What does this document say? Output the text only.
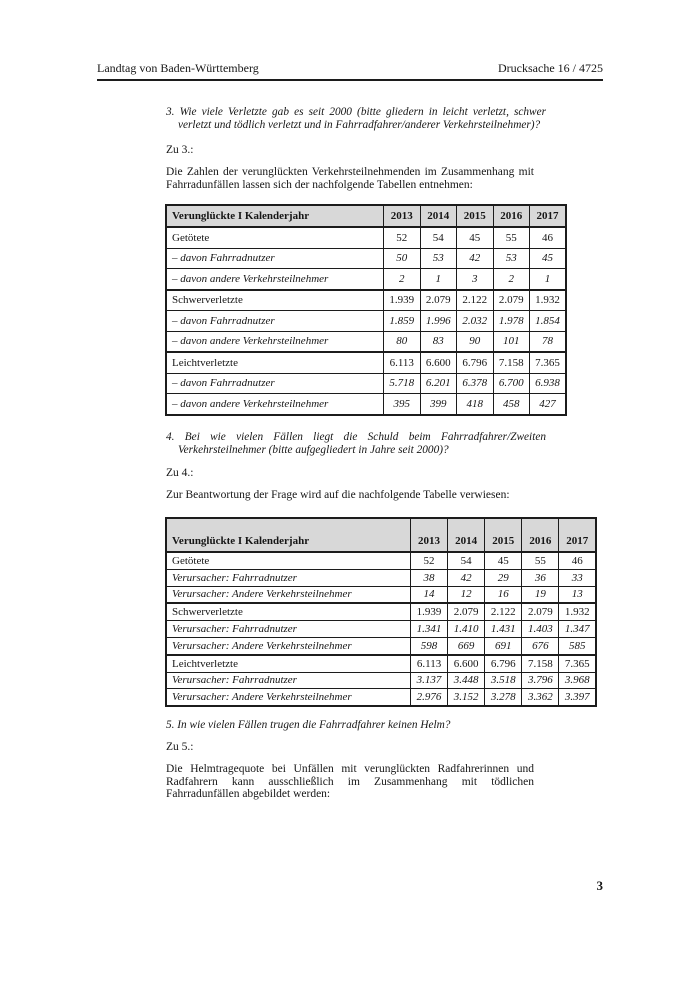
Landtag von Baden-Württemberg	Drucksache 16 / 4725
3. Wie viele Verletzte gab es seit 2000 (bitte gliedern in leicht verletzt, schwer verletzt und tödlich verletzt und in Fahrradfahrer/anderer Verkehrsteilnehmer)?
Zu 3.:
Die Zahlen der verunglückten Verkehrsteilnehmenden im Zusammenhang mit Fahrradunfällen lassen sich der nachfolgende Tabellen entnehmen:
Verunglückte I Kalenderjahr	2013	2014	2015	2016	2017
Getötete	52	54	45	55	46
– davon Fahrradnutzer	50	53	42	53	45
– davon andere Verkehrsteilnehmer	2	1	3	2	1
Schwerverletzte	1.939	2.079	2.122	2.079	1.932
– davon Fahrradnutzer	1.859	1.996	2.032	1.978	1.854
– davon andere Verkehrsteilnehmer	80	83	90	101	78
Leichtverletzte	6.113	6.600	6.796	7.158	7.365
– davon Fahrradnutzer	5.718	6.201	6.378	6.700	6.938
– davon andere Verkehrsteilnehmer	395	399	418	458	427
4. Bei wie vielen Fällen liegt die Schuld beim Fahrradfahrer/Zweiten Verkehrsteilnehmer (bitte aufgegliedert in Jahre seit 2000)?
Zu 4.:
Zur Beantwortung der Frage wird auf die nachfolgende Tabelle verwiesen:
Verunglückte I Kalenderjahr	2013	2014	2015	2016	2017
Getötete	52	54	45	55	46
Verursacher: Fahrradnutzer	38	42	29	36	33
Verursacher: Andere Verkehrsteilnehmer	14	12	16	19	13
Schwerverletzte	1.939	2.079	2.122	2.079	1.932
Verursacher: Fahrradnutzer	1.341	1.410	1.431	1.403	1.347
Verursacher: Andere Verkehrsteilnehmer	598	669	691	676	585
Leichtverletzte	6.113	6.600	6.796	7.158	7.365
Verursacher: Fahrradnutzer	3.137	3.448	3.518	3.796	3.968
Verursacher: Andere Verkehrsteilnehmer	2.976	3.152	3.278	3.362	3.397
5. In wie vielen Fällen trugen die Fahrradfahrer keinen Helm?
Zu 5.:
Die Helmtragequote bei Unfällen mit verunglückten Radfahrerinnen und Radfahrern kann ausschließlich im Zusammenhang mit tödlichen Fahrradunfällen abgebildet werden:
3
